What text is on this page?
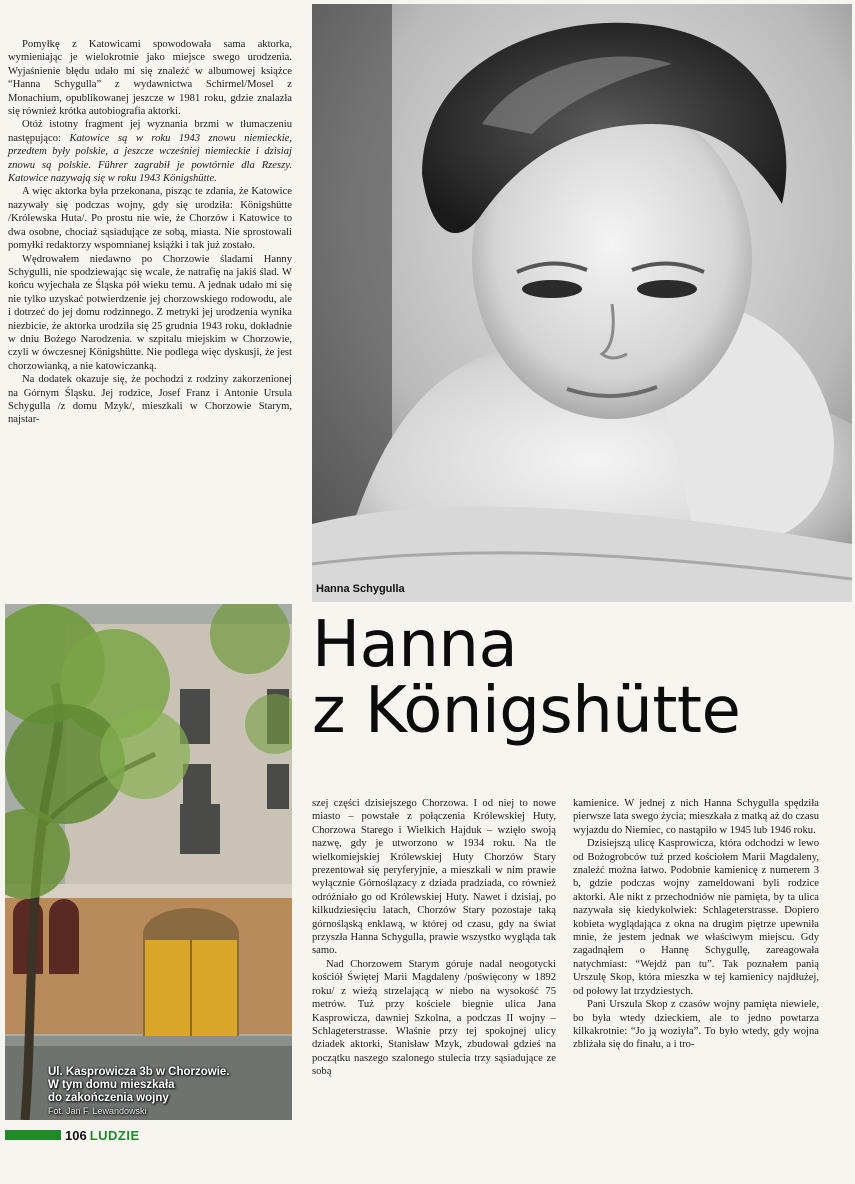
Pomyłkę z Katowicami spowodowała sama aktorka, wymieniając je wielokrotnie jako miejsce swego urodzenia. Wyjaśnienie błędu udało mi się znaleźć w albumowej książce “Hanna Schygulla” z wydawnictwa Schirmel/Mosel z Monachium, opublikowanej jeszcze w 1981 roku, gdzie znalazła się również krótka autobiografia aktorki.

Otóż istotny fragment jej wyznania brzmi w tłumaczeniu następująco: Katowice są w roku 1943 znowu niemieckie, przedtem były polskie, a jeszcze wcześniej niemieckie i dzisiaj znowu są polskie. Führer zagrabił je powtórnie dla Rzeszy. Katowice nazywają się w roku 1943 Königshütte.

A więc aktorka była przekonana, pisząc te zdania, że Katowice nazywały się podczas wojny, gdy się urodziła: Königshütte /Królewska Huta/. Po prostu nie wie, że Chorzów i Katowice to dwa osobne, chociaż sąsiadujące ze sobą, miasta. Nie sprostowali pomyłki redaktorzy wspomnianej książki i tak już zostało.

Wędrowałem niedawno po Chorzowie śladami Hanny Schygulli, nie spodziewając się wcale, że natrafię na jakiś ślad. W końcu wyjechała ze Śląska pół wieku temu. A jednak udało mi się nie tylko uzyskać potwierdzenie jej chorzowskiego rodowodu, ale i dotrzeć do jej domu rodzinnego. Z metryki jej urodzenia wynika niezbicie, że aktorka urodziła się 25 grudnia 1943 roku, dokładnie w dniu Bożego Narodzenia. w szpitalu miejskim w Chorzowie, czyli w ówczesnej Königshütte. Nie podlega więc dyskusji, że jest chorzowianką, a nie katowiczanką.

Na dodatek okazuje się, że pochodzi z rodziny zakorzenionej na Górnym Śląsku. Jej rodzice, Josef Franz i Antonie Ursula Schygulla /z domu Mzyk/, mieszkali w Chorzowie Starym, najstar-

Hanna Schygulla
Hanna
z Königshütte
Ul. Kasprowicza 3b w Chorzowie.
W tym domu mieszkała
do zakończenia wojny
Fot. Jan F. Lewandowski

szej części dzisiejszego Chorzowa. I od niej to nowe miasto – powstałe z połączenia Królewskiej Huty, Chorzowa Starego i Wielkich Hajduk – wzięło swoją nazwę, gdy je utworzono w 1934 roku. Na tle wielkomiejskiej Królewskiej Huty Chorzów Stary prezentował się peryferyjnie, a mieszkali w nim prawie wyłącznie Górnoślązacy z dziada pradziada, co również odróżniało go od Królewskiej Huty. Nawet i dzisiaj, po kilkudziesięciu latach, Chorzów Stary pozostaje taką górnośląską enklawą, w której od czasu, gdy na świat przyszła Hanna Schygulla, prawie wszystko wygląda tak samo.

Nad Chorzowem Starym góruje nadal neogotycki kościół Świętej Marii Magdaleny /poświęcony w 1892 roku/ z wieżą strzelającą w niebo na wysokość 75 metrów. Tuż przy kościele biegnie ulica Jana Kasprowicza, dawniej Szkolna, a podczas II wojny – Schlageterstrasse. Właśnie przy tej spokojnej ulicy dziadek aktorki, Stanisław Mzyk, zbudował gdzieś na początku naszego szalonego stulecia trzy sąsiadujące ze sobą

kamienice. W jednej z nich Hanna Schygulla spędziła pierwsze lata swego życia; mieszkała z matką aż do czasu wyjazdu do Niemiec, co nastąpiło w 1945 lub 1946 roku.

Dzisiejszą ulicę Kasprowicza, która odchodzi w lewo od Bożogrobców tuż przed kościołem Marii Magdaleny, znaleźć można łatwo. Podobnie kamienicę z numerem 3 b, gdzie podczas wojny zameldowani byli rodzice aktorki. Ale nikt z przechodniów nie pamięta, by ta ulica nazywała się kiedykolwiek: Schlageterstrasse. Dopiero kobieta wyglądająca z okna na drugim piętrze upewniła mnie, że jestem jednak we właściwym miejscu. Gdy zagadnąłem o Hannę Schygullę, zareagowała natychmiast: “Wejdź pan tu”. Tak poznałem panią Urszulę Skop, która mieszka w tej kamienicy najdłużej, od połowy lat trzydziestych.

Pani Urszula Skop z czasów wojny pamięta niewiele, bo była wtedy dzieckiem, ale to jedno powtarza kilkakrotnie: “Jo ją woziyła”. To było wtedy, gdy wojna zbliżała się do finału, a i tro-

106 LUDZIE
